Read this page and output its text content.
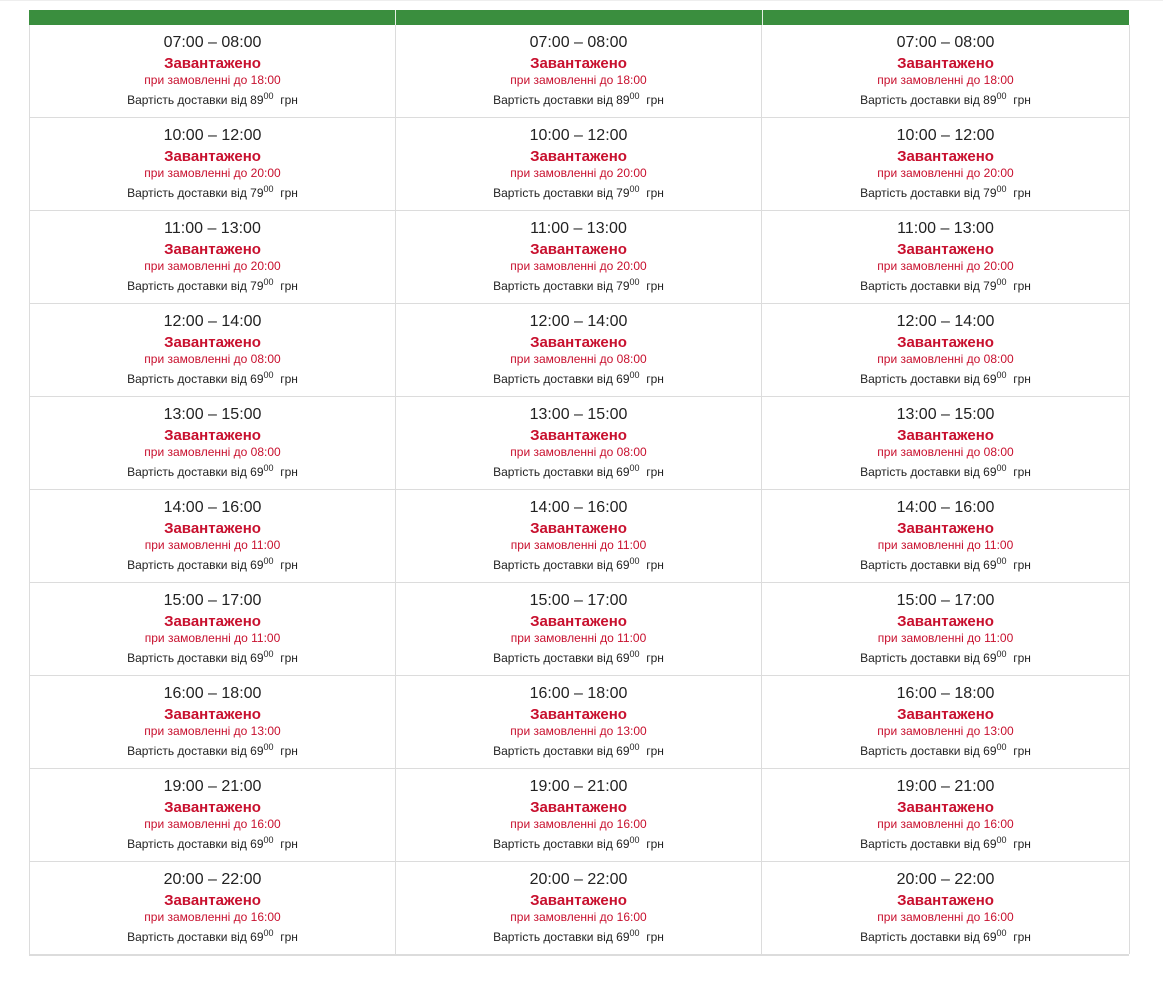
07:00 – 08:00
Завантажено
при замовленні до 18:00
Вартість доставки від $89^{00}$ грн
07:00 – 08:00
Завантажено
при замовленні до 18:00
Вартість доставки від $89^{00}$ грн
07:00 – 08:00
Завантажено
при замовленні до 18:00
Вартість доставки від $89^{00}$ грн
10:00 – 12:00
Завантажено
при замовленні до 20:00
Вартість доставки від $79^{00}$ грн
10:00 – 12:00
Завантажено
при замовленні до 20:00
Вартість доставки від $79^{00}$ грн
10:00 – 12:00
Завантажено
при замовленні до 20:00
Вартість доставки від $79^{00}$ грн
11:00 – 13:00
Завантажено
при замовленні до 20:00
Вартість доставки від $79^{00}$ грн
11:00 – 13:00
Завантажено
при замовленні до 20:00
Вартість доставки від $79^{00}$ грн
11:00 – 13:00
Завантажено
при замовленні до 20:00
Вартість доставки від $79^{00}$ грн
12:00 – 14:00
Завантажено
при замовленні до 08:00
Вартість доставки від $69^{00}$ грн
12:00 – 14:00
Завантажено
при замовленні до 08:00
Вартість доставки від $69^{00}$ грн
12:00 – 14:00
Завантажено
при замовленні до 08:00
Вартість доставки від $69^{00}$ грн
13:00 – 15:00
Завантажено
при замовленні до 08:00
Вартість доставки від $69^{00}$ грн
13:00 – 15:00
Завантажено
при замовленні до 08:00
Вартість доставки від $69^{00}$ грн
13:00 – 15:00
Завантажено
при замовленні до 08:00
Вартість доставки від $69^{00}$ грн
14:00 – 16:00
Завантажено
при замовленні до 11:00
Вартість доставки від $69^{00}$ грн
14:00 – 16:00
Завантажено
при замовленні до 11:00
Вартість доставки від $69^{00}$ грн
14:00 – 16:00
Завантажено
при замовленні до 11:00
Вартість доставки від $69^{00}$ грн
15:00 – 17:00
Завантажено
при замовленні до 11:00
Вартість доставки від $69^{00}$ грн
15:00 – 17:00
Завантажено
при замовленні до 11:00
Вартість доставки від $69^{00}$ грн
15:00 – 17:00
Завантажено
при замовленні до 11:00
Вартість доставки від $69^{00}$ грн
16:00 – 18:00
Завантажено
при замовленні до 13:00
Вартість доставки від $69^{00}$ грн
16:00 – 18:00
Завантажено
при замовленні до 13:00
Вартість доставки від $69^{00}$ грн
16:00 – 18:00
Завантажено
при замовленні до 13:00
Вартість доставки від $69^{00}$ грн
19:00 – 21:00
Завантажено
при замовленні до 16:00
Вартість доставки від $69^{00}$ грн
19:00 – 21:00
Завантажено
при замовленні до 16:00
Вартість доставки від $69^{00}$ грн
19:00 – 21:00
Завантажено
при замовленні до 16:00
Вартість доставки від $69^{00}$ грн
20:00 – 22:00
Завантажено
при замовленні до 16:00
Вартість доставки від $69^{00}$ грн
20:00 – 22:00
Завантажено
при замовленні до 16:00
Вартість доставки від $69^{00}$ грн
20:00 – 22:00
Завантажено
при замовленні до 16:00
Вартість доставки від $69^{00}$ грн
